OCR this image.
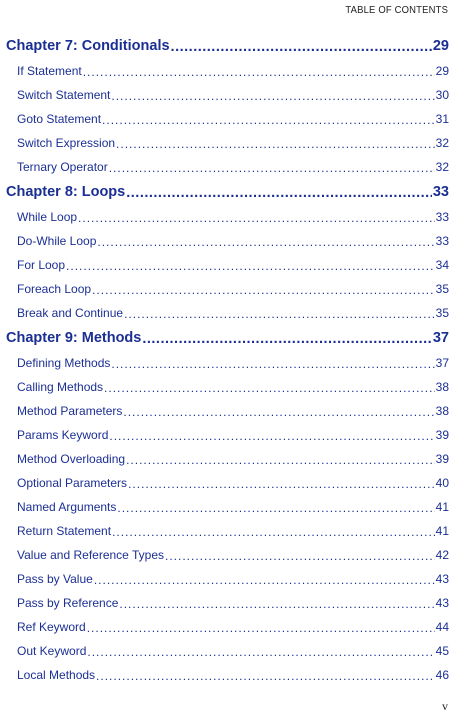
TABLE OF CONTENTS
Chapter 7: Conditionals .....	29
If Statement .....	29
Switch Statement .....	30
Goto Statement .....	31
Switch Expression .....	32
Ternary Operator .....	32
Chapter 8: Loops .....	33
While Loop .....	33
Do-While Loop .....	33
For Loop .....	34
Foreach Loop .....	35
Break and Continue .....	35
Chapter 9: Methods .....	37
Defining Methods .....	37
Calling Methods .....	38
Method Parameters .....	38
Params Keyword .....	39
Method Overloading .....	39
Optional Parameters .....	40
Named Arguments .....	41
Return Statement .....	41
Value and Reference Types .....	42
Pass by Value .....	43
Pass by Reference .....	43
Ref Keyword .....	44
Out Keyword .....	45
Local Methods .....	46
v
